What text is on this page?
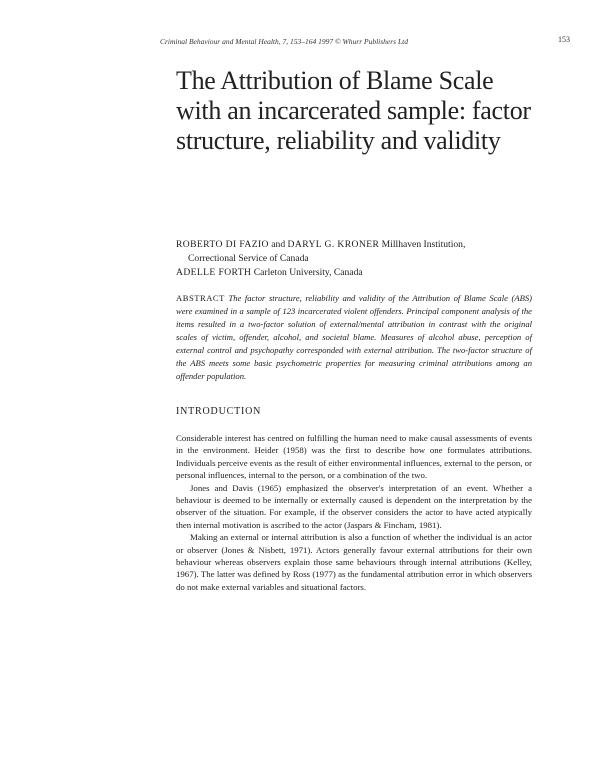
Criminal Behaviour and Mental Health, 7, 153–164 1997 © Whurr Publishers Ltd	153
The Attribution of Blame Scale
with an incarcerated sample: factor
structure, reliability and validity
ROBERTO DI FAZIO and DARYL G. KRONER Millhaven Institution,
Correctional Service of Canada
ADELLE FORTH Carleton University, Canada
ABSTRACT The factor structure, reliability and validity of the Attribution of Blame Scale (ABS) were examined in a sample of 123 incarcerated violent offenders. Principal component analysis of the items resulted in a two-factor solution of external/mental attribution in contrast with the original scales of victim, offender, alcohol, and societal blame. Measures of alcohol abuse, perception of external control and psychopathy corresponded with external attribution. The two-factor structure of the ABS meets some basic psychometric properties for measuring criminal attributions among an offender population.
INTRODUCTION

Considerable interest has centred on fulfilling the human need to make causal assessments of events in the environment. Heider (1958) was the first to describe how one formulates attributions. Individuals perceive events as the result of either environmental influences, external to the person, or personal influences, internal to the person, or a combination of the two.

Jones and Davis (1965) emphasized the observer's interpretation of an event. Whether a behaviour is deemed to be internally or externally caused is dependent on the interpretation by the observer of the situation. For example, if the observer considers the actor to have acted atypically then internal motivation is ascribed to the actor (Jaspars & Fincham, 1981).

Making an external or internal attribution is also a function of whether the individual is an actor or observer (Jones & Nisbett, 1971). Actors generally favour external attributions for their own behaviour whereas observers explain those same behaviours through internal attributions (Kelley, 1967). The latter was defined by Ross (1977) as the fundamental attribution error in which observers do not make external variables and situational factors.
